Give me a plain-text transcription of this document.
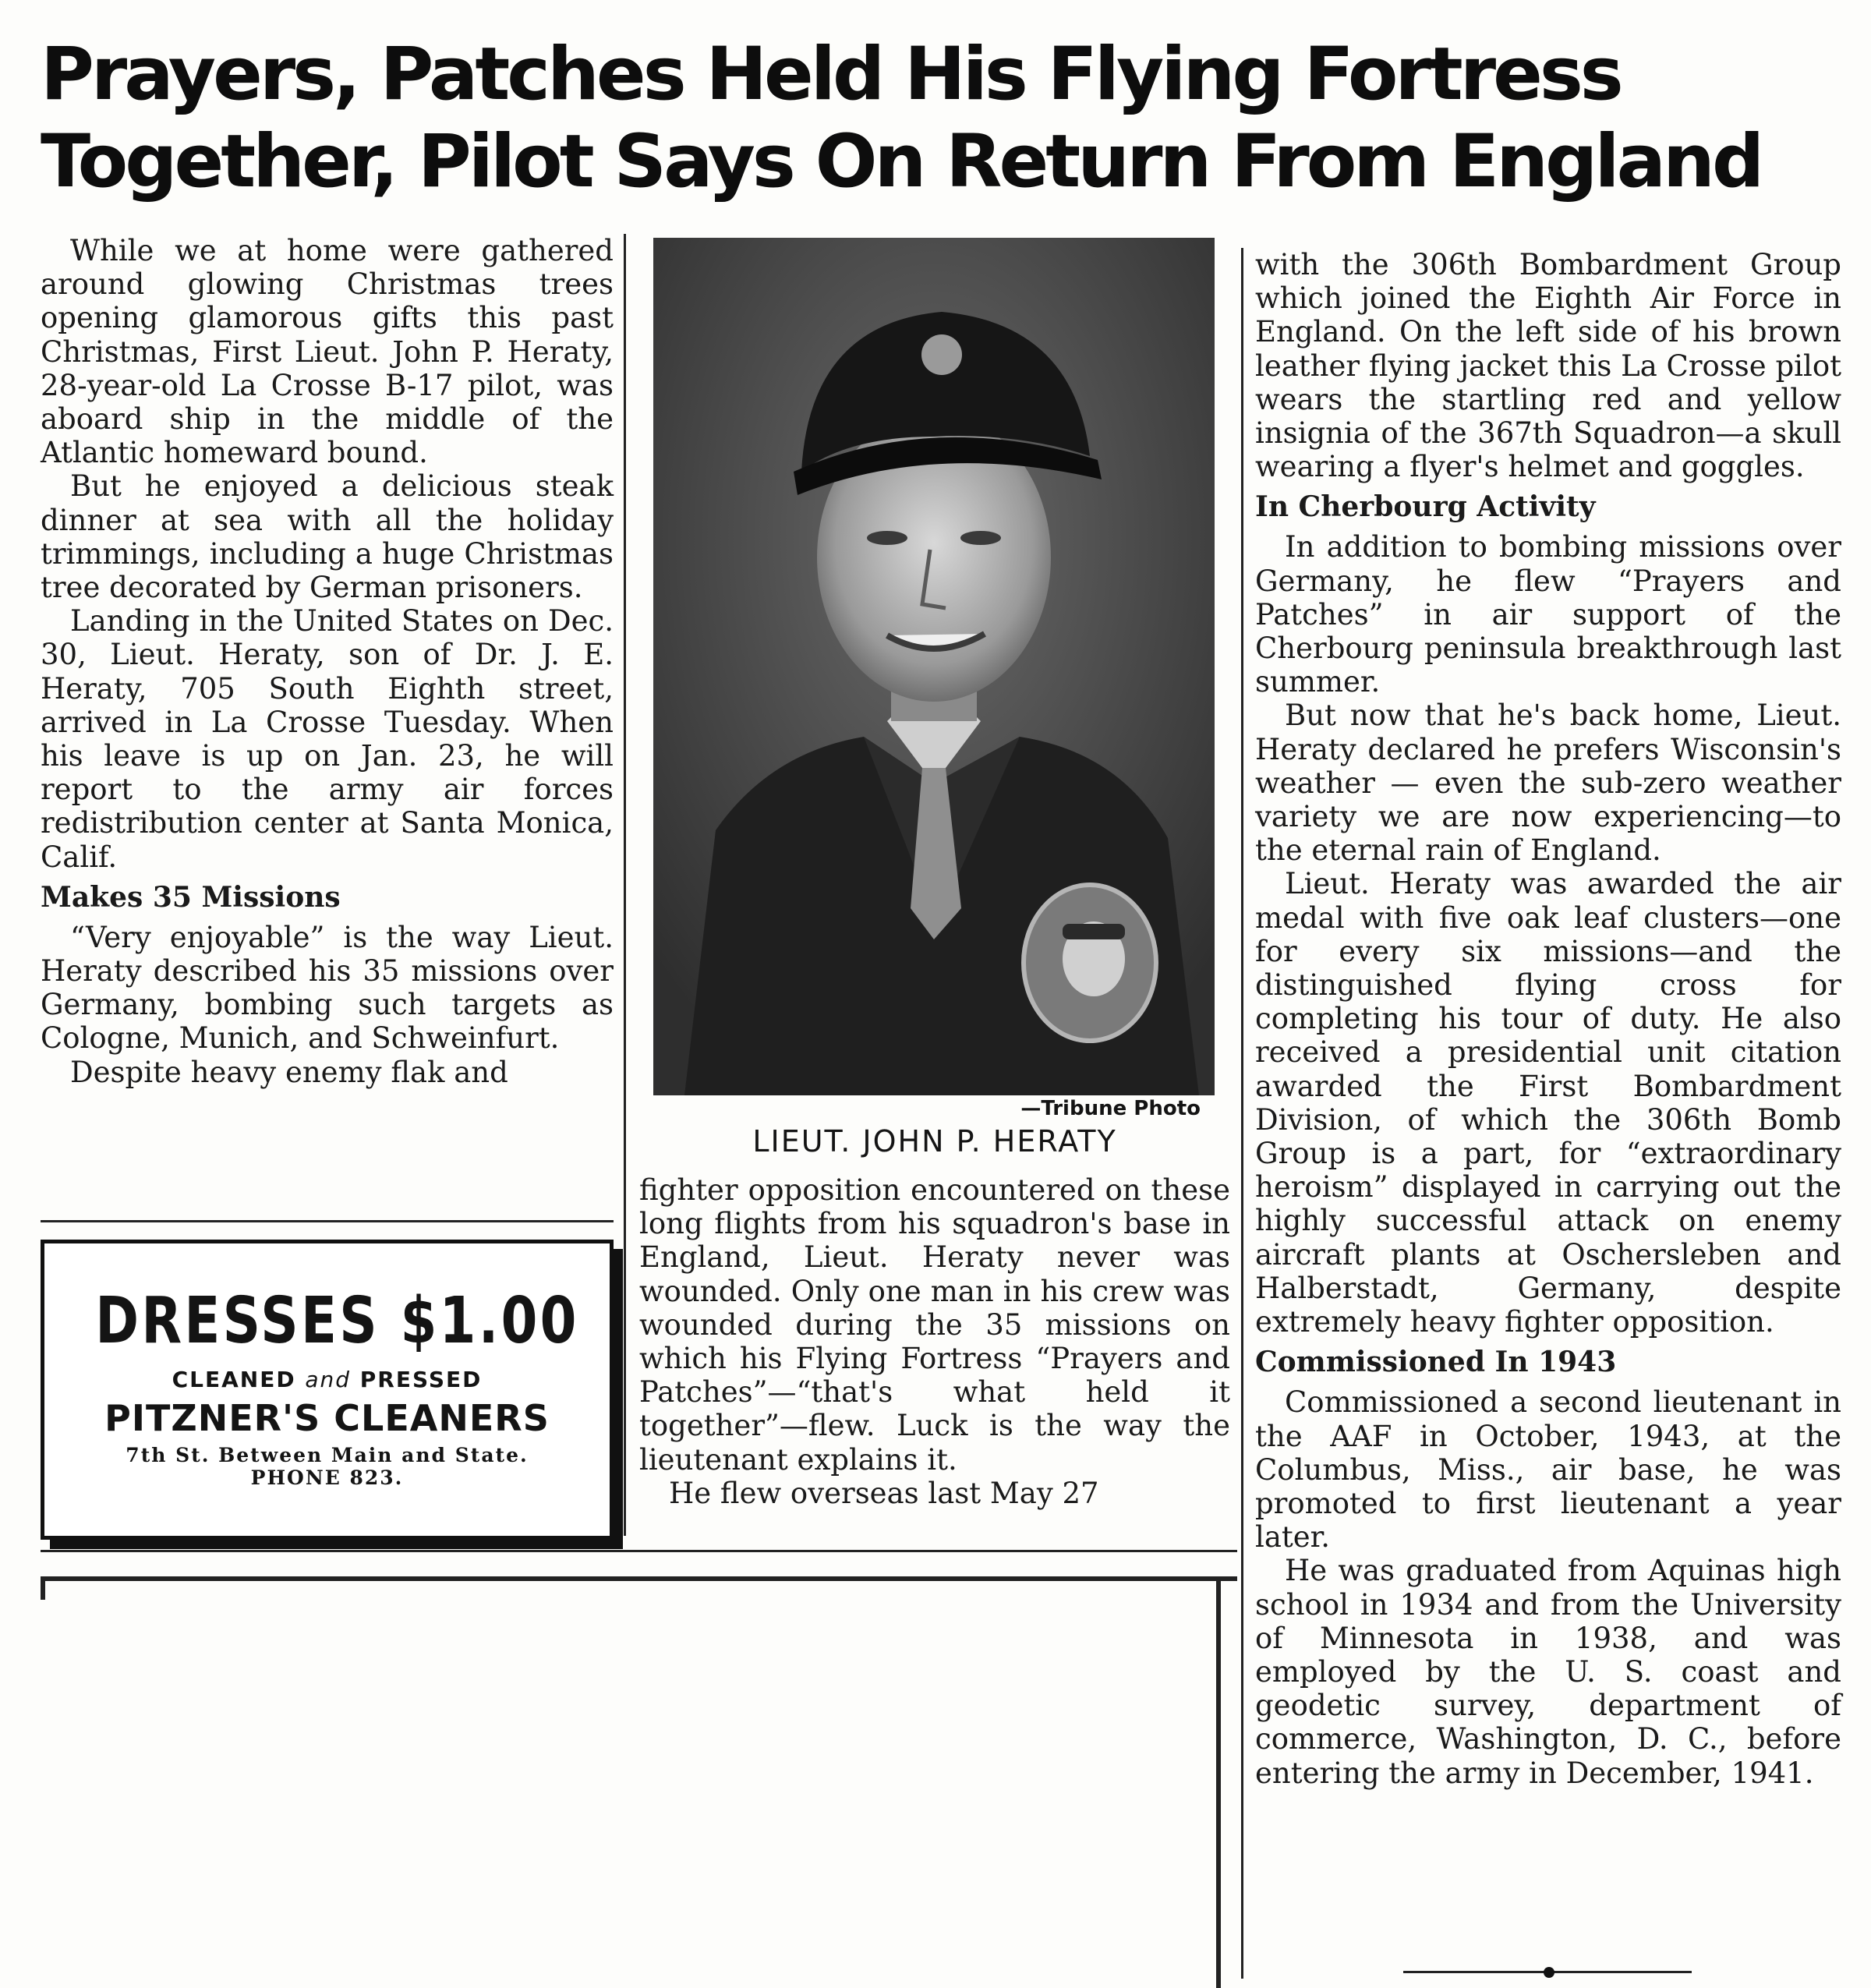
Prayers, Patches Held His Flying Fortress
Together, Pilot Says On Return From England

While we at home were gathered around glowing Christmas trees opening glamorous gifts this past Christmas, First Lieut. John P. Heraty, 28-year-old La Crosse B-17 pilot, was aboard ship in the middle of the Atlantic homeward bound.

But he enjoyed a delicious steak dinner at sea with all the holiday trimmings, including a huge Christmas tree decorated by German prisoners.

Landing in the United States on Dec. 30, Lieut. Heraty, son of Dr. J. E. Heraty, 705 South Eighth street, arrived in La Crosse Tuesday. When his leave is up on Jan. 23, he will report to the army air forces redistribution center at Santa Monica, Calif.

Makes 35 Missions

“Very enjoyable” is the way Lieut. Heraty described his 35 missions over Germany, bombing such targets as Cologne, Munich, and Schweinfurt.

Despite heavy enemy flak and

DRESSES $1.00
CLEANED and PRESSED
PITZNER'S CLEANERS
7th St. Between Main and State.
PHONE 823.
—Tribune Photo
LIEUT. JOHN P. HERATY

fighter opposition encountered on these long flights from his squadron's base in England, Lieut. Heraty never was wounded. Only one man in his crew was wounded during the 35 missions on which his Flying Fortress “Prayers and Patches”—“that's what held it together”—flew. Luck is the way the lieutenant explains it.

He flew overseas last May 27

with the 306th Bombardment Group which joined the Eighth Air Force in England. On the left side of his brown leather flying jacket this La Crosse pilot wears the startling red and yellow insignia of the 367th Squadron—a skull wearing a flyer's helmet and goggles.

In Cherbourg Activity

In addition to bombing missions over Germany, he flew “Prayers and Patches” in air support of the Cherbourg peninsula breakthrough last summer.

But now that he's back home, Lieut. Heraty declared he prefers Wisconsin's weather — even the sub-zero weather variety we are now experiencing—to the eternal rain of England.

Lieut. Heraty was awarded the air medal with five oak leaf clusters—one for every six missions—and the distinguished flying cross for completing his tour of duty. He also received a presidential unit citation awarded the First Bombardment Division, of which the 306th Bomb Group is a part, for “extraordinary heroism” displayed in carrying out the highly successful attack on enemy aircraft plants at Oschersleben and Halberstadt, Germany, despite extremely heavy fighter opposition.

Commissioned In 1943

Commissioned a second lieutenant in the AAF in October, 1943, at the Columbus, Miss., air base, he was promoted to first lieutenant a year later.

He was graduated from Aquinas high school in 1934 and from the University of Minnesota in 1938, and was employed by the U. S. coast and geodetic survey, department of commerce, Washington, D. C., before entering the army in December, 1941.
